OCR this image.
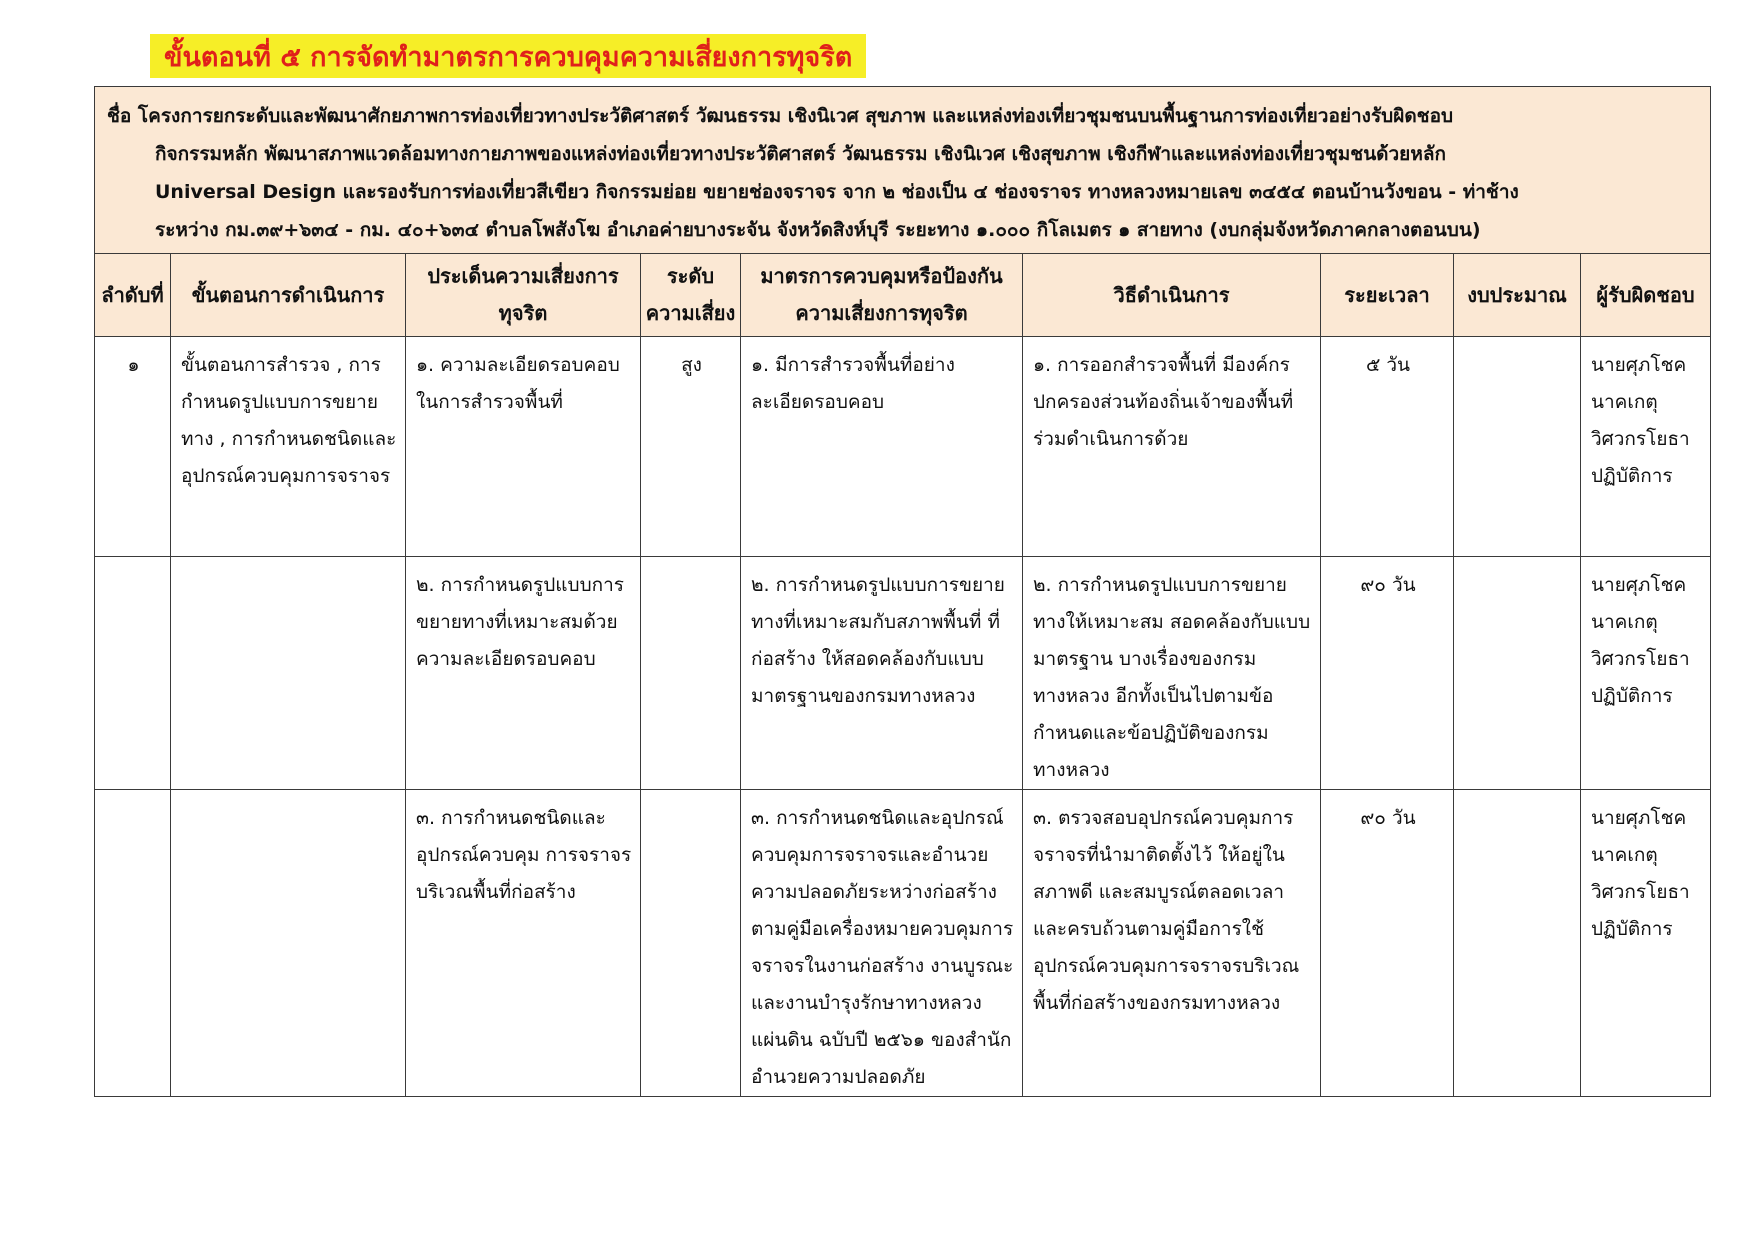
ขั้นตอนที่ ๕ การจัดทำมาตรการควบคุมความเสี่ยงการทุจริต
ชื่อ โครงการยกระดับและพัฒนาศักยภาพการท่องเที่ยวทางประวัติศาสตร์ วัฒนธรรม เชิงนิเวศ สุขภาพ และแหล่งท่องเที่ยวชุมชนบนพื้นฐานการท่องเที่ยวอย่างรับผิดชอบ
กิจกรรมหลัก พัฒนาสภาพแวดล้อมทางกายภาพของแหล่งท่องเที่ยวทางประวัติศาสตร์ วัฒนธรรม เชิงนิเวศ เชิงสุขภาพ เชิงกีฬาและแหล่งท่องเที่ยวชุมชนด้วยหลัก
Universal Design และรองรับการท่องเที่ยวสีเขียว กิจกรรมย่อย ขยายช่องจราจร จาก ๒ ช่องเป็น ๔ ช่องจราจร ทางหลวงหมายเลข ๓๔๕๔ ตอนบ้านวังขอน - ท่าช้าง
ระหว่าง กม.๓๙+๖๓๔ - กม. ๔๐+๖๓๔ ตำบลโพสังโฆ อำเภอค่ายบางระจัน จังหวัดสิงห์บุรี ระยะทาง ๑.๐๐๐ กิโลเมตร ๑ สายทาง (งบกลุ่มจังหวัดภาคกลางตอนบน)								

ลำดับที่	ขั้นตอนการดำเนินการ	ประเด็นความเสี่ยงการทุจริต	ระดับความเสี่ยง	มาตรการควบคุมหรือป้องกัน ความเสี่ยงการทุจริต	วิธีดำเนินการ	ระยะเวลา	งบประมาณ	ผู้รับผิดชอบ
๑	ขั้นตอนการสำรวจ , การกำหนดรูปแบบการขยายทาง , การกำหนดชนิดและอุปกรณ์ควบคุมการจราจร	๑. ความละเอียดรอบคอบ ในการสำรวจพื้นที่	สูง	๑. มีการสำรวจพื้นที่อย่างละเอียดรอบคอบ	๑. การออกสำรวจพื้นที่ มีองค์กรปกครองส่วนท้องถิ่นเจ้าของพื้นที่ร่วมดำเนินการด้วย	๕ วัน		นายศุภโชค นาคเกตุ วิศวกรโยธาปฏิบัติการ
		๒. การกำหนดรูปแบบการขยายทางที่เหมาะสมด้วยความละเอียดรอบคอบ		๒. การกำหนดรูปแบบการขยายทางที่เหมาะสมกับสภาพพื้นที่ ที่ก่อสร้าง ให้สอดคล้องกับแบบมาตรฐานของกรมทางหลวง	๒. การกำหนดรูปแบบการขยายทางให้เหมาะสม สอดคล้องกับแบบมาตรฐาน บางเรื่องของกรมทางหลวง อีกทั้งเป็นไปตามข้อกำหนดและข้อปฏิบัติของกรมทางหลวง	๙๐ วัน		นายศุภโชค นาคเกตุ วิศวกรโยธาปฏิบัติการ
		๓. การกำหนดชนิดและอุปกรณ์ควบคุม การจราจรบริเวณพื้นที่ก่อสร้าง		๓. การกำหนดชนิดและอุปกรณ์ควบคุมการจราจรและอำนวยความปลอดภัยระหว่างก่อสร้าง ตามคู่มือเครื่องหมายควบคุมการจราจรในงานก่อสร้าง งานบูรณะ และงานบำรุงรักษาทางหลวงแผ่นดิน ฉบับปี ๒๕๖๑ ของสำนักอำนวยความปลอดภัย	๓. ตรวจสอบอุปกรณ์ควบคุมการจราจรที่นำมาติดตั้งไว้ ให้อยู่ในสภาพดี และสมบูรณ์ตลอดเวลา และครบถ้วนตามคู่มือการใช้อุปกรณ์ควบคุมการจราจรบริเวณพื้นที่ก่อสร้างของกรมทางหลวง	๙๐ วัน		นายศุภโชค นาคเกตุ วิศวกรโยธาปฏิบัติการ
